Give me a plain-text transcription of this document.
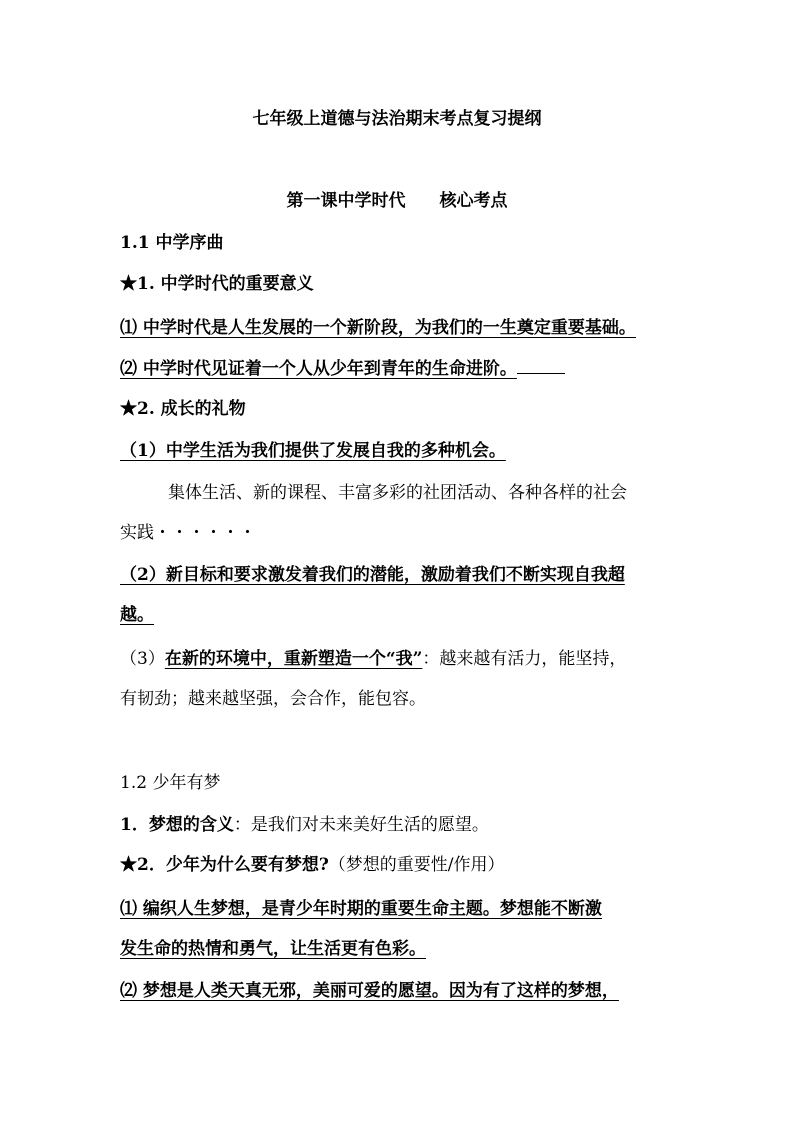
七年级上道德与法治期末考点复习提纲
第一课中学时代　　核心考点
1.1 中学序曲
★1. 中学时代的重要意义
⑴ 中学时代是人生发展的一个新阶段，为我们的一生奠定重要基础。
⑵ 中学时代见证着一个人从少年到青年的生命进阶。
★2. 成长的礼物
（1）中学生活为我们提供了发展自我的多种机会。
集体生活、新的课程、丰富多彩的社团活动、各种各样的社会
实践・・・・・・
（2）新目标和要求激发着我们的潜能，激励着我们不断实现自我超
越。
（3）在新的环境中，重新塑造一个“我”：越来越有活力，能坚持，
有韧劲；越来越坚强，会合作，能包容。
1.2 少年有梦
1．梦想的含义：是我们对未来美好生活的愿望。
★2．少年为什么要有梦想?（梦想的重要性/作用）
⑴ 编织人生梦想，是青少年时期的重要生命主题。梦想能不断激
发生命的热情和勇气，让生活更有色彩。
⑵ 梦想是人类天真无邪，美丽可爱的愿望。因为有了这样的梦想，
